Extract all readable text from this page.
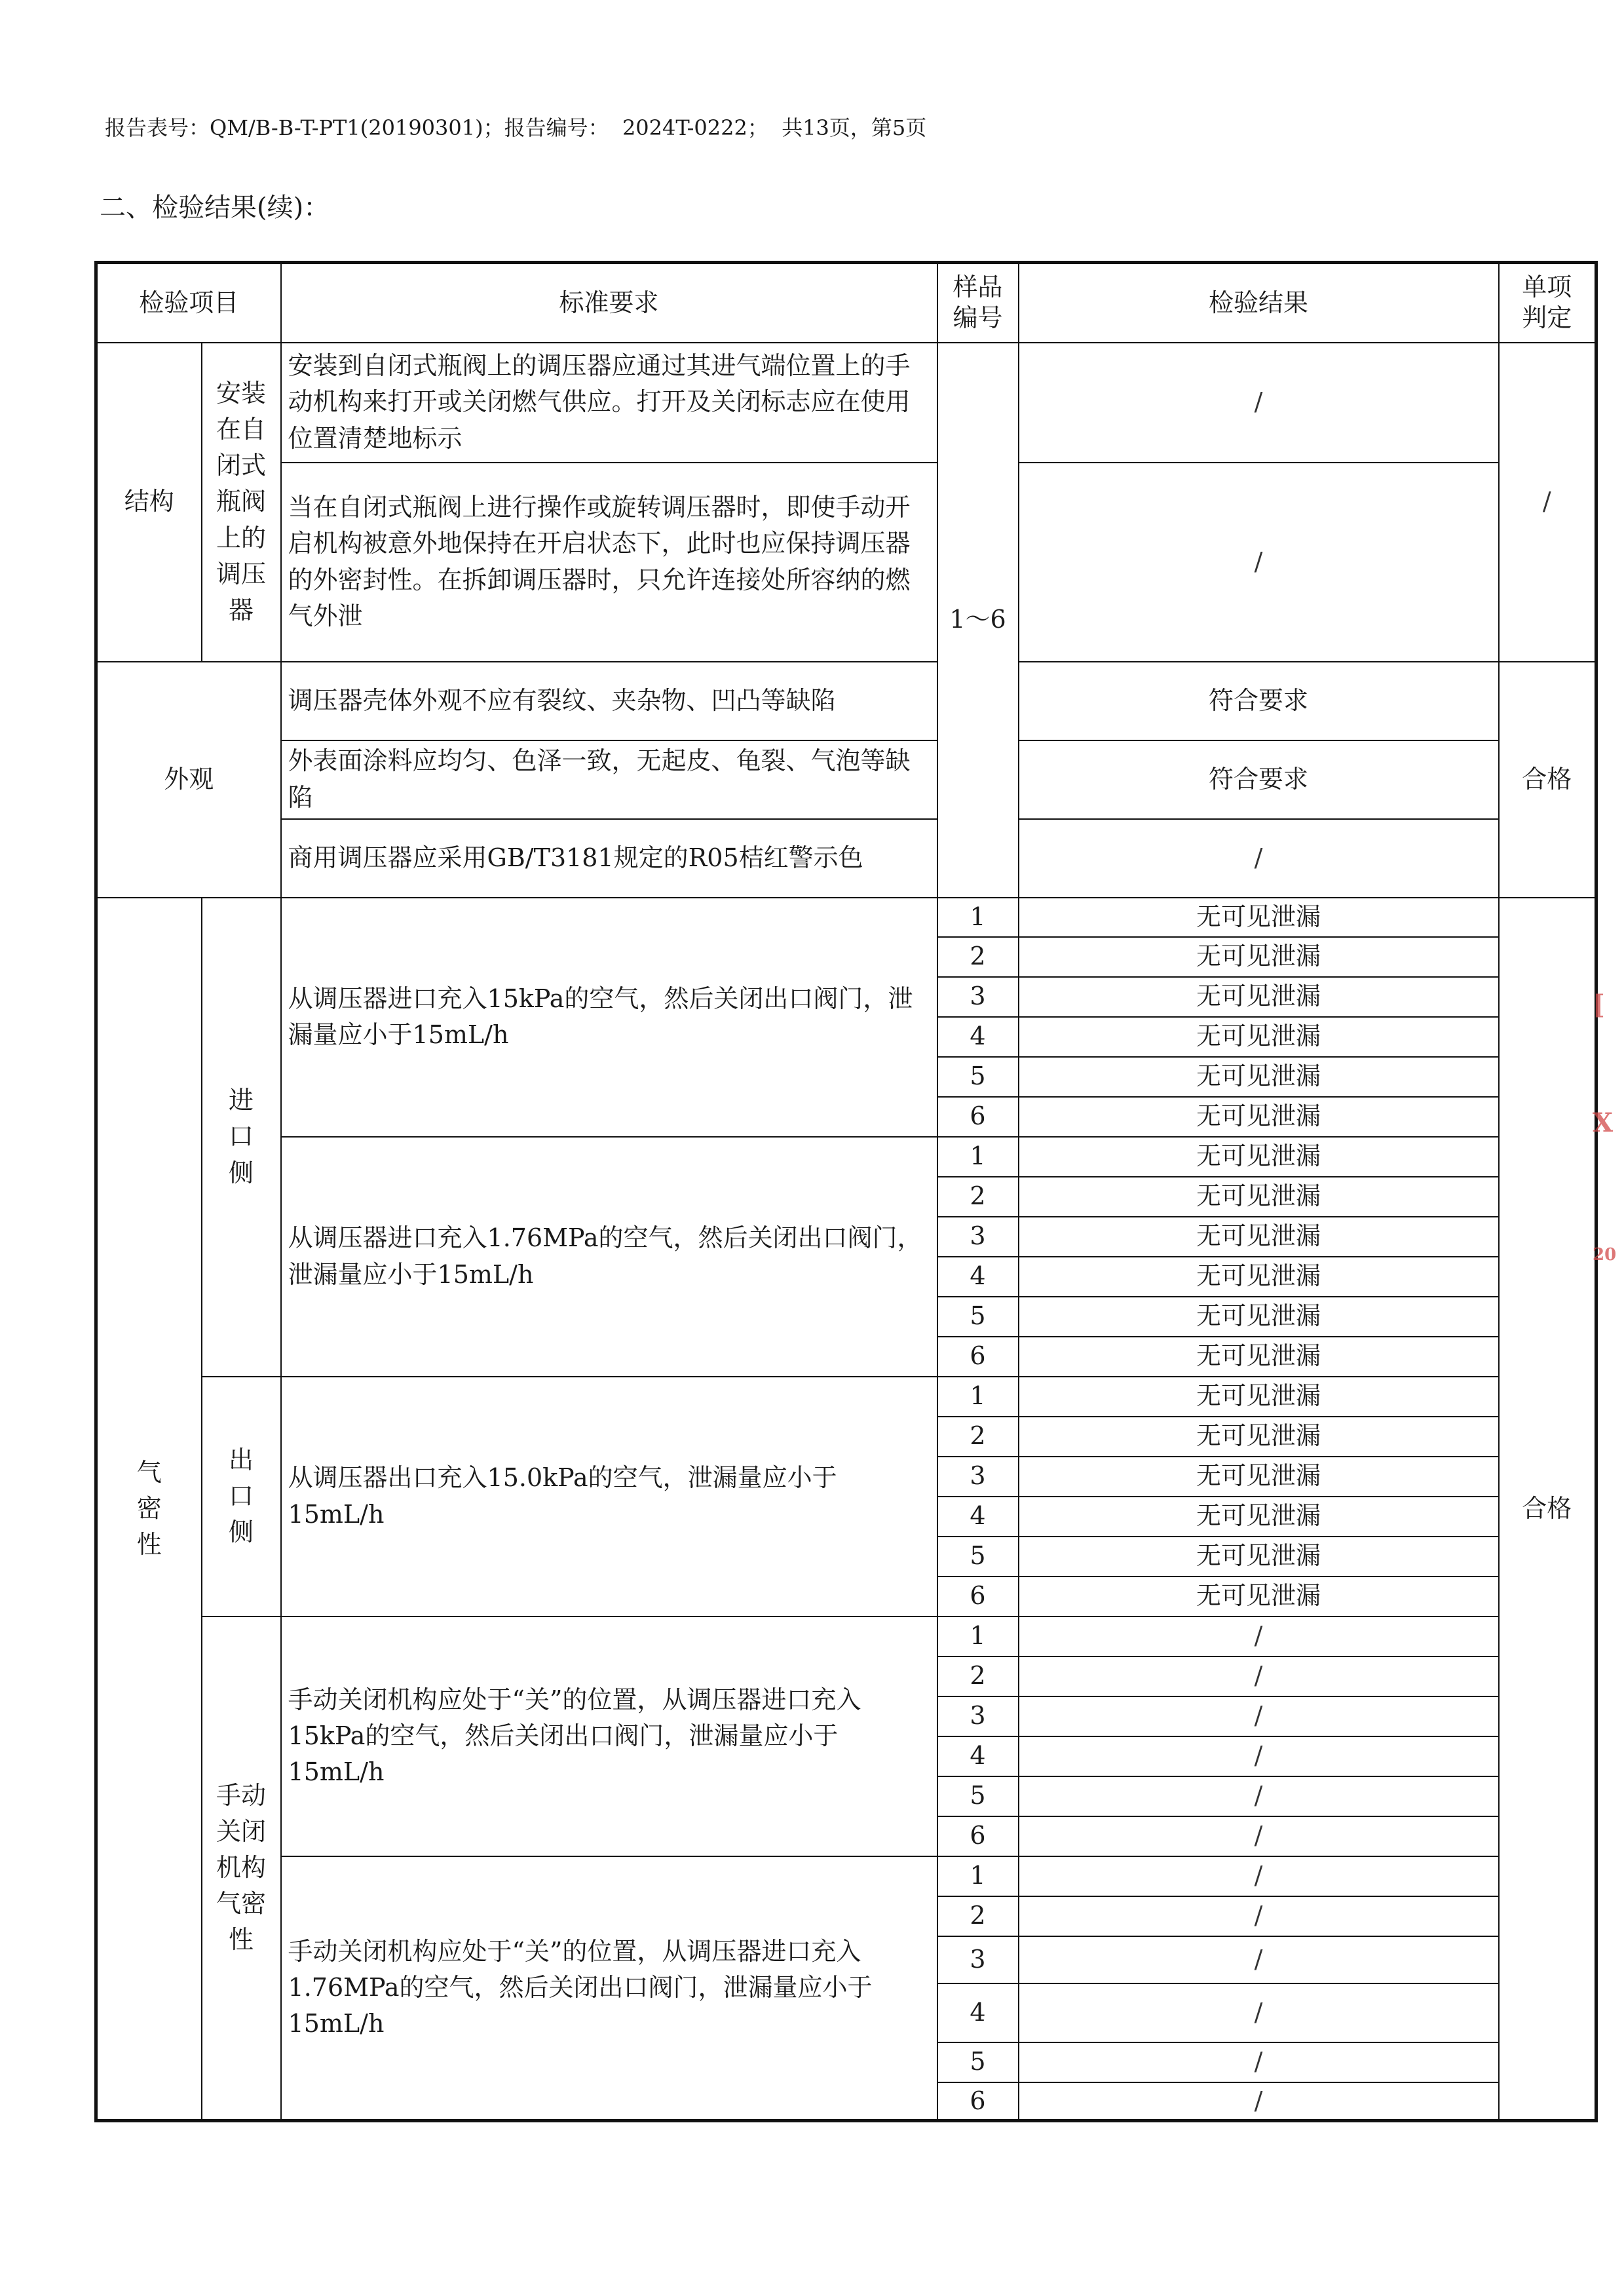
报告表号：QM/B-B-T-PT1(20190301)；报告编号：  2024T-0222；  共13页，第5页
二、检验结果(续)：
检验项目		标准要求	样品编号	检验结果	单项判定
结构	安装在自闭式瓶阀上的调压器	安装到自闭式瓶阀上的调压器应通过其进气端位置上的手动机构来打开或关闭燃气供应。打开及关闭标志应在使用位置清楚地标示	1～6	/	/
		当在自闭式瓶阀上进行操作或旋转调压器时，即使手动开启机构被意外地保持在开启状态下，此时也应保持调压器的外密封性。在拆卸调压器时，只允许连接处所容纳的燃气外泄		/	
外观		调压器壳体外观不应有裂纹、夹杂物、凹凸等缺陷		符合要求	合格
		外表面涂料应均匀、色泽一致，无起皮、龟裂、气泡等缺陷		符合要求	
		商用调压器应采用GB/T3181规定的R05桔红警示色		/	
气密性	进口侧	从调压器进口充入15kPa的空气，然后关闭出口阀门，泄漏量应小于15mL/h	1	无可见泄漏	合格
			2	无可见泄漏	
			3	无可见泄漏	
			4	无可见泄漏	
			5	无可见泄漏	
			6	无可见泄漏	
		从调压器进口充入1.76MPa的空气，然后关闭出口阀门，泄漏量应小于15mL/h	1	无可见泄漏	
			2	无可见泄漏	
			3	无可见泄漏	
			4	无可见泄漏	
			5	无可见泄漏	
			6	无可见泄漏	
	出口侧	从调压器出口充入15.0kPa的空气，泄漏量应小于15mL/h	1	无可见泄漏	
			2	无可见泄漏	
			3	无可见泄漏	
			4	无可见泄漏	
			5	无可见泄漏	
			6	无可见泄漏	
	手动关闭机构气密性	手动关闭机构应处于“关”的位置，从调压器进口充入15kPa的空气，然后关闭出口阀门，泄漏量应小于15mL/h	1	/	
			2	/	
			3	/	
			4	/	
			5	/	
			6	/	
		手动关闭机构应处于“关”的位置，从调压器进口充入1.76MPa的空气，然后关闭出口阀门，泄漏量应小于15mL/h	1	/	
			2	/	
			3	/	
			4	/	
			5	/	
			6	/	
[
X
20
